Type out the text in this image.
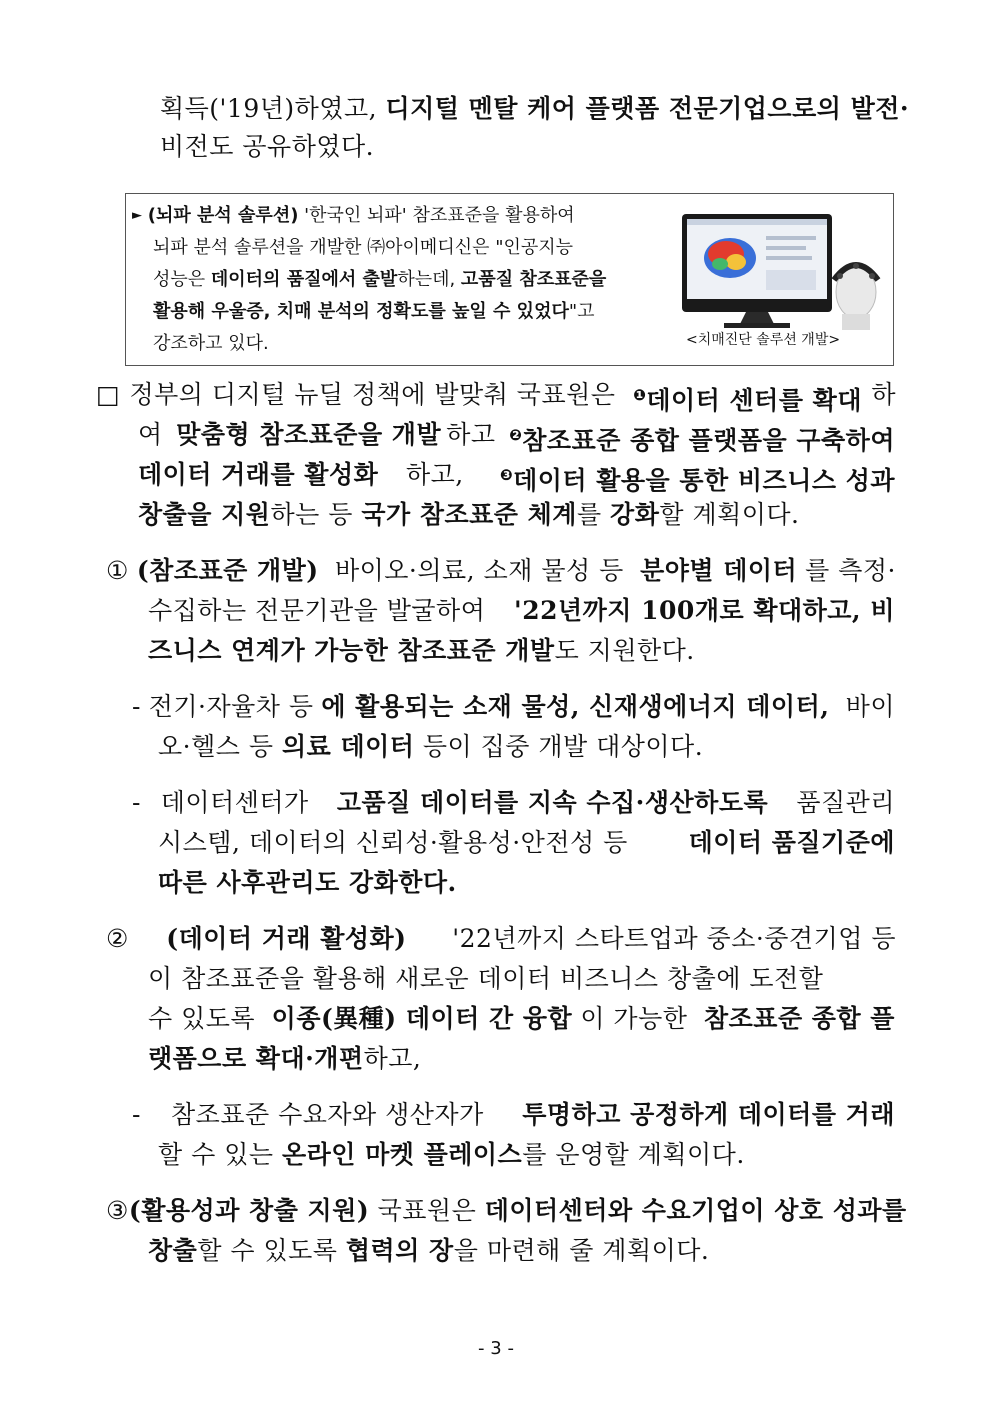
획득('19년)하였고, 디지털 멘탈 케어 플랫폼 전문기업으로의 발전·
비전도 공유하였다.
► (뇌파 분석 솔루션) '한국인 뇌파' 참조표준을 활용하여
뇌파 분석 솔루션을 개발한 ㈜아이메디신은 "인공지능
성능은 데이터의 품질에서 출발하는데, 고품질 참조표준을
활용해 우울증, 치매 분석의 정확도를 높일 수 있었다"고
강조하고 있다.	<치매진단 솔루션 개발>
□ 정부의 디지털 뉴딜 정책에 발맞춰 국표원은 $^❶$데이터 센터를 확대 하
여 맞춤형 참조표준을 개발 하고 $^❷$참조표준 종합 플랫폼을 구축하여
데이터 거래를 활성화 하고, $^❸$데이터 활용을 통한 비즈니스 성과
창출을 지원하는 등 국가 참조표준 체계를 강화할 계획이다.
① (참조표준 개발) 바이오·의료, 소재 물성 등 분야별 데이터 를 측정·
수집하는 전문기관을 발굴하여 '22년까지 100개로 확대하고, 비
즈니스 연계가 가능한 참조표준 개발도 지원한다.
- 전기·자율차 등 에 활용되는 소재 물성, 신재생에너지 데이터, 바이
오·헬스 등 의료 데이터 등이 집중 개발 대상이다.
- 데이터센터가 고품질 데이터를 지속 수집·생산하도록 품질관리
시스템, 데이터의 신뢰성·활용성·안전성 등 데이터 품질기준에
따른 사후관리도 강화한다.
② (데이터 거래 활성화) '22년까지 스타트업과 중소·중견기업 등
이 참조표준을 활용해 새로운 데이터 비즈니스 창출에 도전할
수 있도록 이종(異種) 데이터 간 융합 이 가능한 참조표준 종합 플
랫폼으로 확대·개편하고,
- 참조표준 수요자와 생산자가 투명하고 공정하게 데이터를 거래
할 수 있는 온라인 마켓 플레이스를 운영할 계획이다.
③ (활용성과 창출 지원) 국표원은 데이터센터와 수요기업이 상호 성과를
창출할 수 있도록 협력의 장을 마련해 줄 계획이다.
- 3 -
